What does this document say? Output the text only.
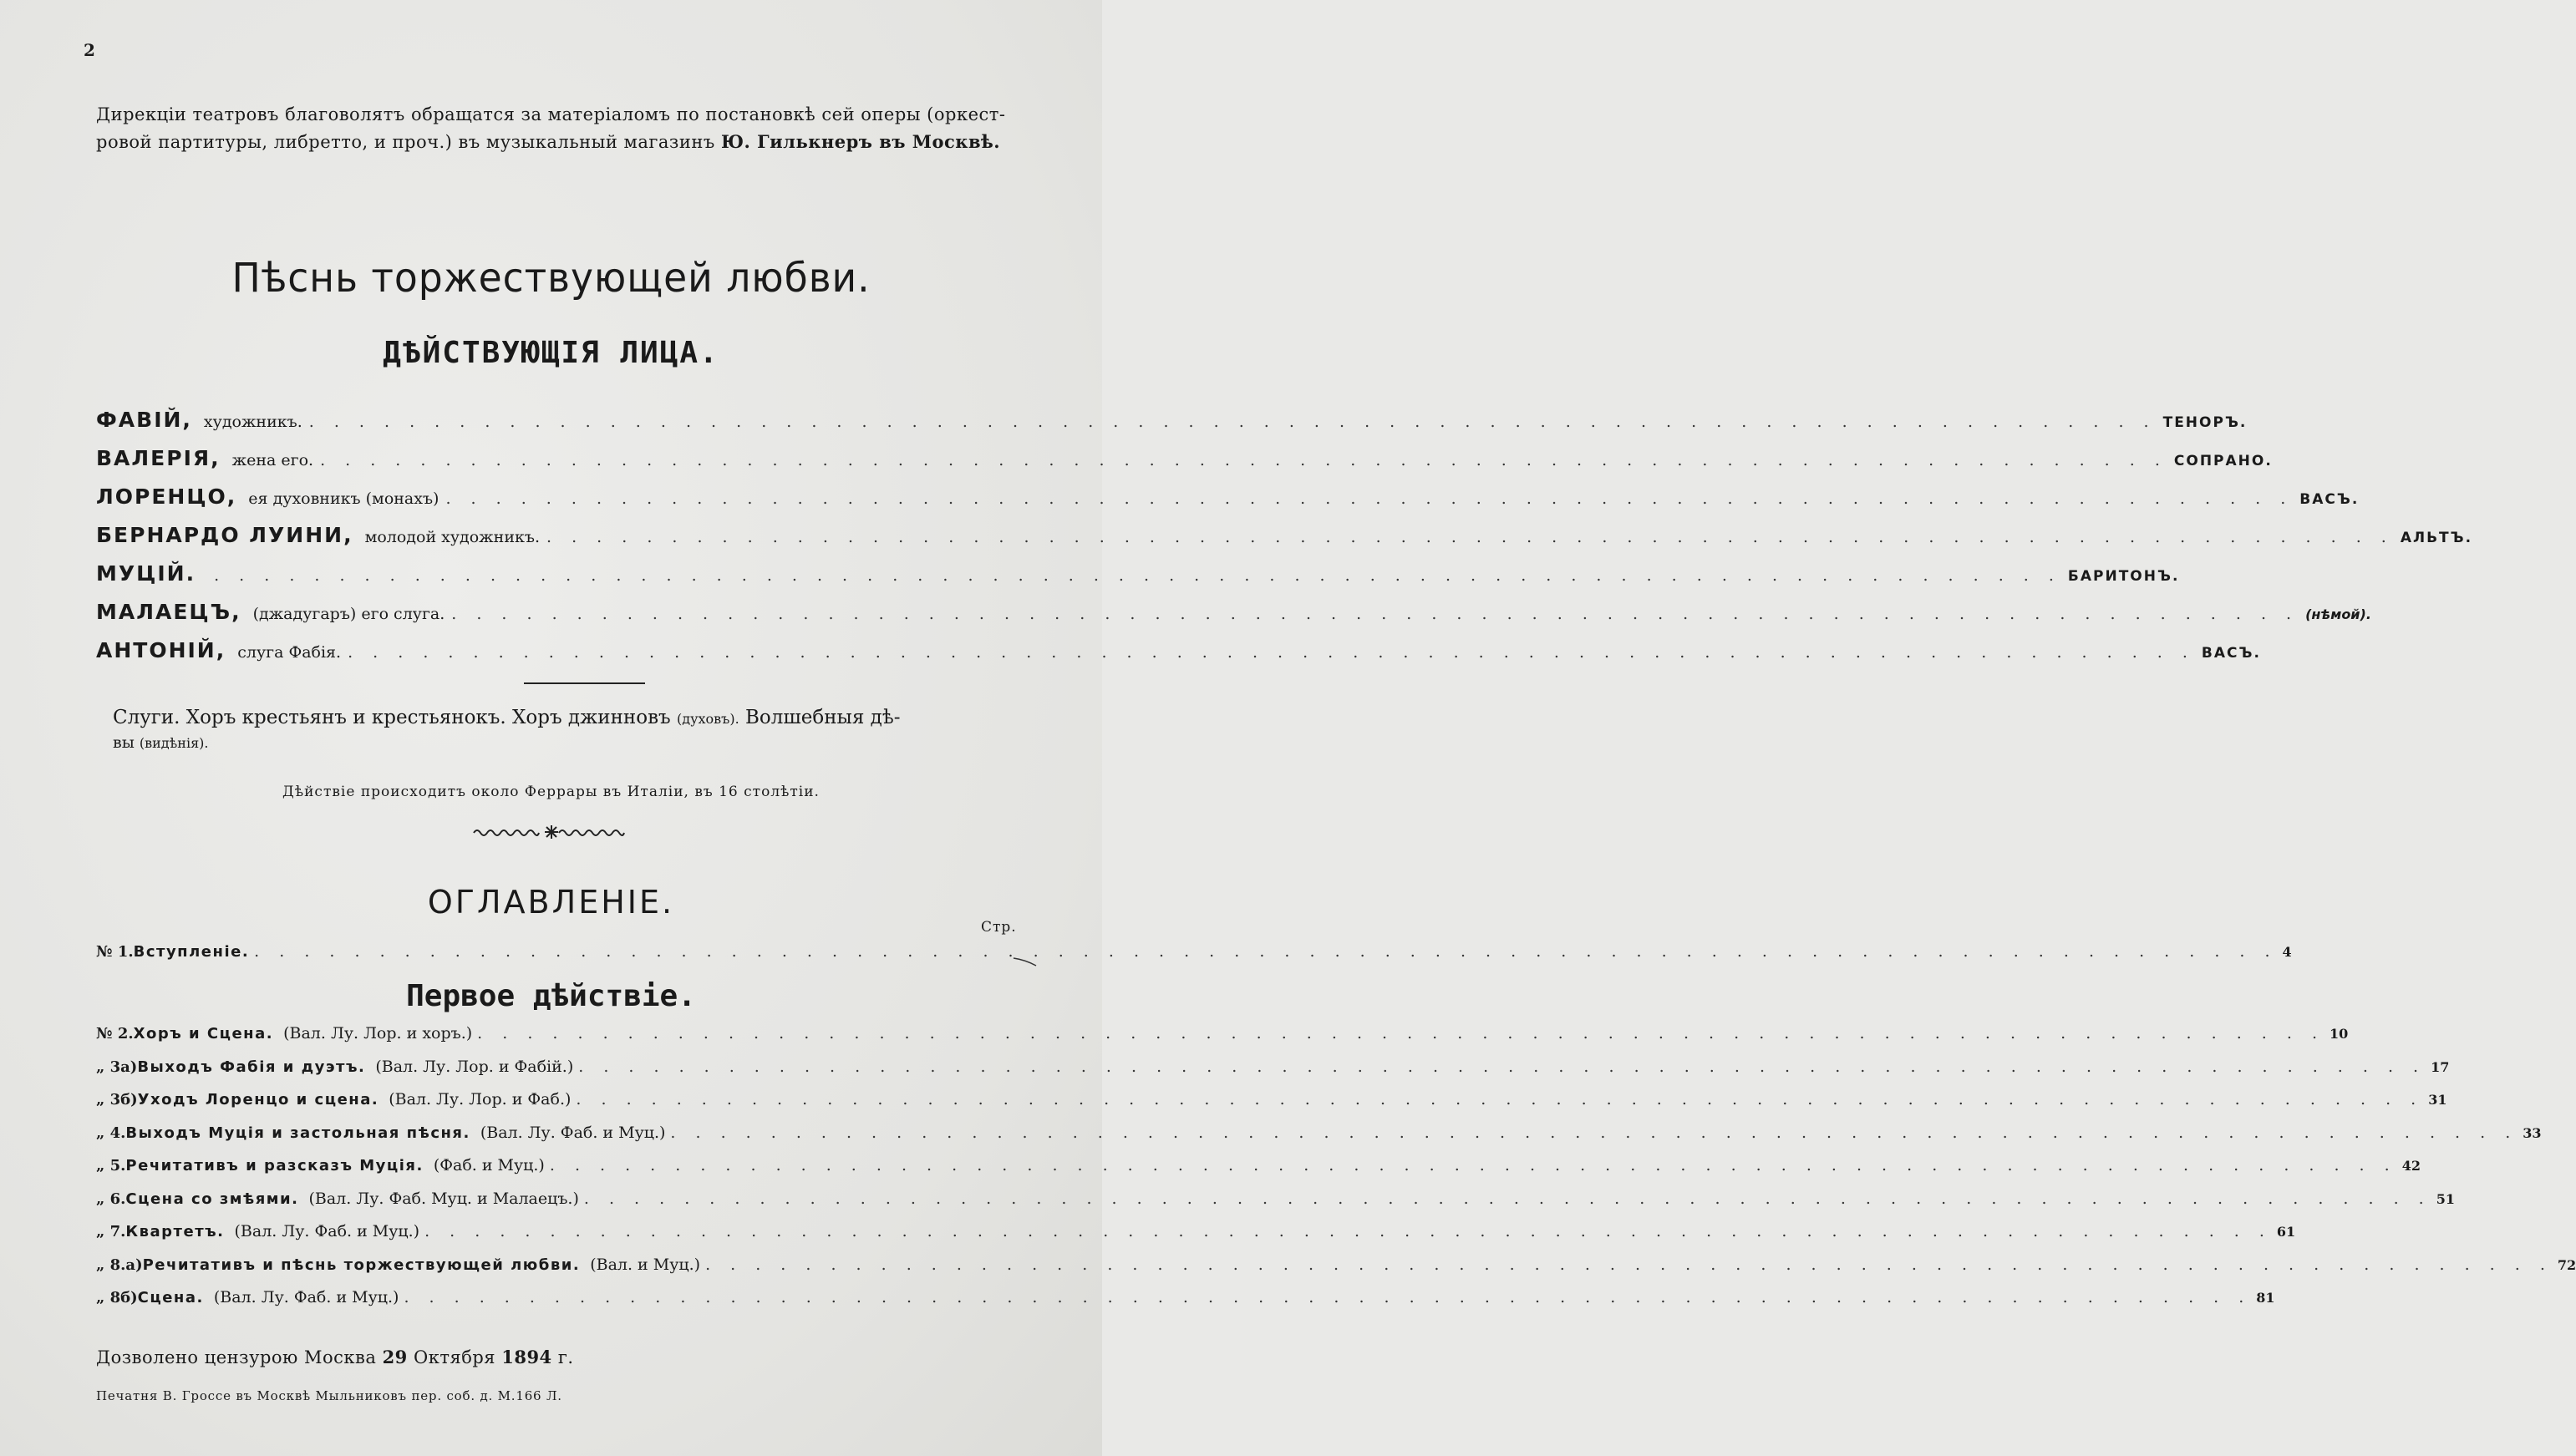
2
Дирекціи театровъ благоволятъ обращатся за матеріаломъ по постановкѣ сей оперы (оркест-
ровой партитуры, либретто, и проч.) въ музыкальный магазинъ Ю. Гилькнеръ въ Москвѣ.
Пѣснь торжествующей любви.
ДѢЙСТВУЮЩІЯ ЛИЦА.
ФАВІЙ, художникъ. . . . . . . . . . . . . . . . . . . . . . . . . . . . . . . . . . . . . . . . . . . . . . . . . . . . . . . . . . . . . . . . . . . . . . . . . . . ТЕНОРЪ.
ВАЛЕРІЯ, жена его. . . . . . . . . . . . . . . . . . . . . . . . . . . . . . . . . . . . . . . . . . . . . . . . . . . . . . . . . . . . . . . . . . . . . . . . . . . СОПРАНО.
ЛОРЕНЦО, ея духовникъ (монахъ) . . . . . . . . . . . . . . . . . . . . . . . . . . . . . . . . . . . . . . . . . . . . . . . . . . . . . . . . . . . . . . . . . . . . . . . . . . ВАСЪ.
БЕРНАРДО ЛУИНИ, молодой художникъ. . . . . . . . . . . . . . . . . . . . . . . . . . . . . . . . . . . . . . . . . . . . . . . . . . . . . . . . . . . . . . . . . . . . . . . . . . . АЛЬТЪ.
МУЦІЙ. . . . . . . . . . . . . . . . . . . . . . . . . . . . . . . . . . . . . . . . . . . . . . . . . . . . . . . . . . . . . . . . . . . . . . . . . . . БАРИТОНЪ.
МАЛАЕЦЪ, (джадугаръ) его слуга. . . . . . . . . . . . . . . . . . . . . . . . . . . . . . . . . . . . . . . . . . . . . . . . . . . . . . . . . . . . . . . . . . . . . . . . . . . (нѣмой).
АНТОНІЙ, слуга Фабія. . . . . . . . . . . . . . . . . . . . . . . . . . . . . . . . . . . . . . . . . . . . . . . . . . . . . . . . . . . . . . . . . . . . . . . . . . . ВАСЪ.
Слуги. Хоръ крестьянъ и крестьянокъ. Хоръ джинновъ (духовъ). Волшебныя дѣ-
вы (видѣнія).
Дѣйствіе происходитъ около Феррары въ Италіи, въ 16 столѣтіи.
ОГЛАВЛЕНІЕ.
Стр.
№ 1. Вступленіе. . . . . . . . . . . . . . . . . . . . . . . . . . . . . . . . . . . . . . . . . . . . . . . . . . . . . . . . . . . . . . . . . . . . . . . . . . . . . . . . . . 4
Первое дѣйствіе.
№ 2. Хоръ и Сцена. (Вал. Лу. Лор. и хоръ.) . . . . . . . . . . . . . . . . . . . . . . . . . . . . . . . . . . . . . . . . . . . . . . . . . . . . . . . . . . . . . . . . . . . . . . . . . . 10
„ 3а) Выходъ Фабія и дуэтъ. (Вал. Лу. Лор. и Фабій.) . . . . . . . . . . . . . . . . . . . . . . . . . . . . . . . . . . . . . . . . . . . . . . . . . . . . . . . . . . . . . . . . . . . . . . . . . . 17
„ 3б) Уходъ Лоренцо и сцена. (Вал. Лу. Лор. и Фаб.) . . . . . . . . . . . . . . . . . . . . . . . . . . . . . . . . . . . . . . . . . . . . . . . . . . . . . . . . . . . . . . . . . . . . . . . . . . 31
„ 4. Выходъ Муція и застольная пѣсня. (Вал. Лу. Фаб. и Муц.) . . . . . . . . . . . . . . . . . . . . . . . . . . . . . . . . . . . . . . . . . . . . . . . . . . . . . . . . . . . . . . . . . . . . . . . . . . 33
„ 5. Речитативъ и разсказъ Муція. (Фаб. и Муц.) . . . . . . . . . . . . . . . . . . . . . . . . . . . . . . . . . . . . . . . . . . . . . . . . . . . . . . . . . . . . . . . . . . . . . . . . . . 42
„ 6. Сцена со змѣями. (Вал. Лу. Фаб. Муц. и Малаецъ.) . . . . . . . . . . . . . . . . . . . . . . . . . . . . . . . . . . . . . . . . . . . . . . . . . . . . . . . . . . . . . . . . . . . . . . . . . . 51
„ 7. Квартетъ. (Вал. Лу. Фаб. и Муц.) . . . . . . . . . . . . . . . . . . . . . . . . . . . . . . . . . . . . . . . . . . . . . . . . . . . . . . . . . . . . . . . . . . . . . . . . . . 61
„ 8.а) Речитативъ и пѣснь торжествующей любви. (Вал. и Муц.) . . . . . . . . . . . . . . . . . . . . . . . . . . . . . . . . . . . . . . . . . . . . . . . . . . . . . . . . . . . . . . . . . . . . . . . . . . 72
„ 8б) Сцена. (Вал. Лу. Фаб. и Муц.) . . . . . . . . . . . . . . . . . . . . . . . . . . . . . . . . . . . . . . . . . . . . . . . . . . . . . . . . . . . . . . . . . . . . . . . . . . 81
Дозволено цензурою Москва 29 Октября 1894 г.
Печатня В. Гроссе въ Москвѣ Мыльниковъ пер. соб. д. М.166 Л.
